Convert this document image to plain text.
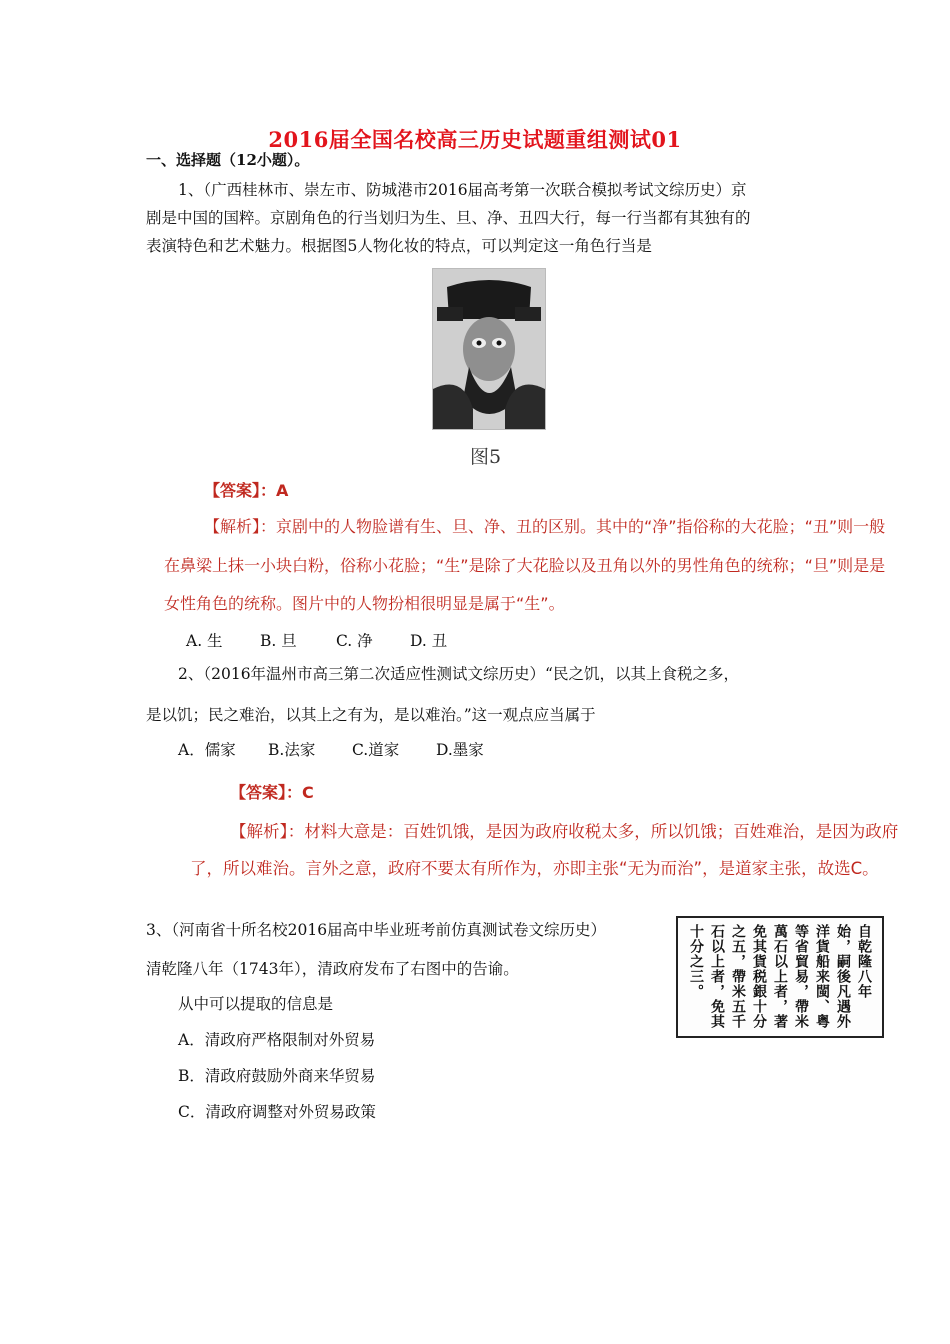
2016届全国名校高三历史试题重组测试01
一、选择题（12小题）。
1、（广西桂林市、崇左市、防城港市2016届高考第一次联合模拟考试文综历史）京
剧是中国的国粹。京剧角色的行当划归为生、旦、净、丑四大行，每一行当都有其独有的
表演特色和艺术魅力。根据图5人物化妆的特点，可以判定这一角色行当是
图5
【答案】：A
【解析】：京剧中的人物脸谱有生、旦、净、丑的区别。其中的“净”指俗称的大花脸；“丑”则一般
在鼻梁上抹一小块白粉，俗称小花脸；“生”是除了大花脸以及丑角以外的男性角色的统称；“旦”则是是
女性角色的统称。图片中的人物扮相很明显是属于“生”。
A. 生 B. 旦	C. 净 D. 丑
2、（2016年温州市高三第二次适应性测试文综历史）“民之饥，以其上食税之多，
是以饥；民之难治，以其上之有为，是以难治。”这一观点应当属于
A．儒家 B.法家 C.道家 D.墨家
【答案】：C
【解析】：材料大意是：百姓饥饿，是因为政府收税太多，所以饥饿；百姓难治，是因为政府
了，所以难治。言外之意，政府不要太有所作为，亦即主张“无为而治”，是道家主张，故选C。
3、（河南省十所名校2016届高中毕业班考前仿真测试卷文综历史）
清乾隆八年（1743年），清政府发布了右图中的告谕。
从中可以提取的信息是
A．清政府严格限制对外贸易
B．清政府鼓励外商来华贸易
C．清政府调整对外贸易政策
自乾隆八年
始，嗣後凡遇外
洋貨船来閩、粤
等省貿易，帶米
萬石以上者，著
免其貨税銀十分
之五，帶米五千
石以上者，免其
十分之三。
